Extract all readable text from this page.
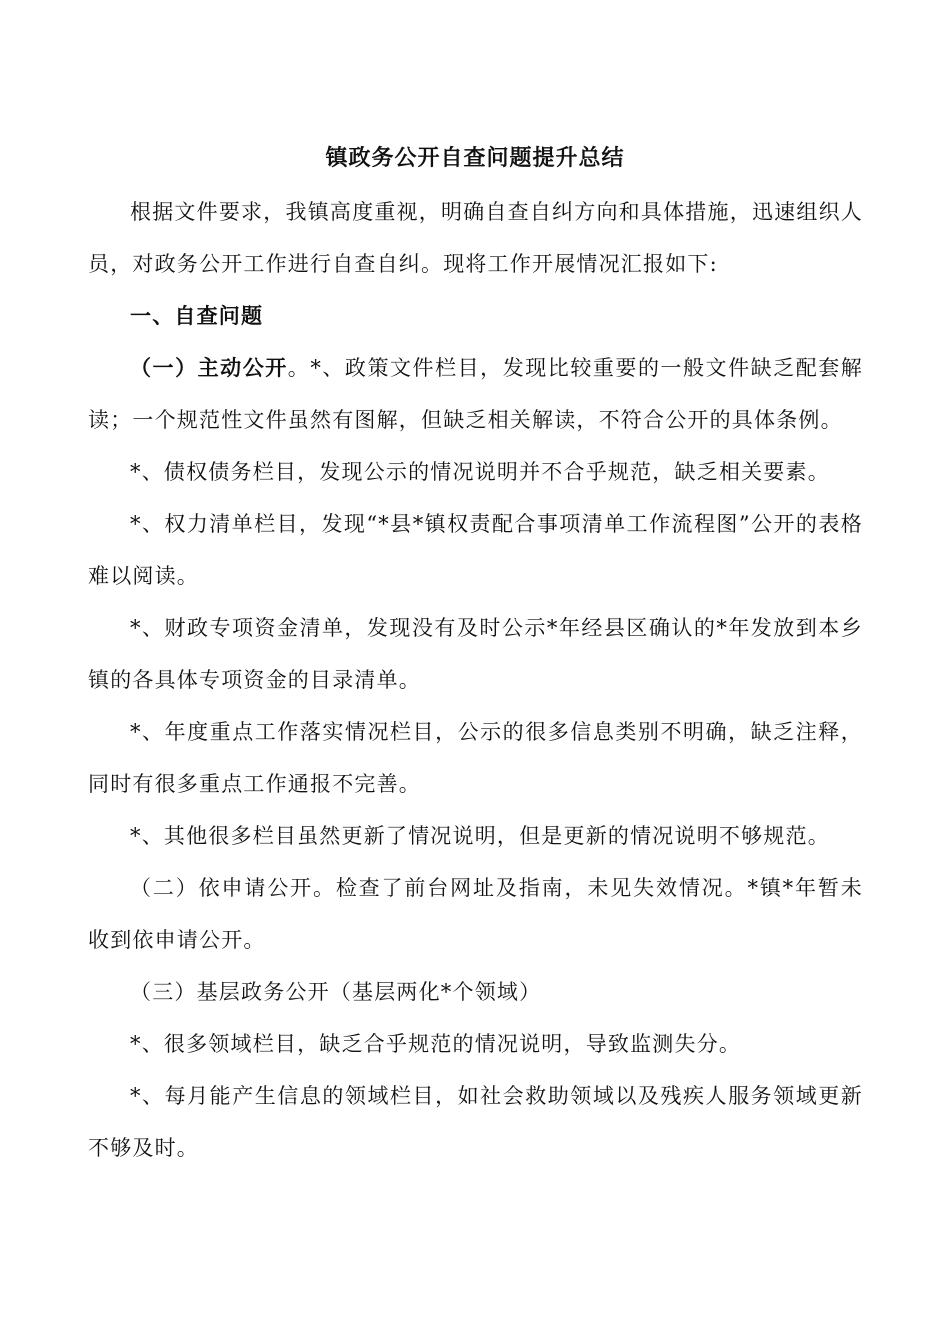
镇政务公开自查问题提升总结

根据文件要求，我镇高度重视，明确自查自纠方向和具体措施，迅速组织人员，对政务公开工作进行自查自纠。现将工作开展情况汇报如下:

一、自查问题

（一）主动公开。*、政策文件栏目，发现比较重要的一般文件缺乏配套解读；一个规范性文件虽然有图解，但缺乏相关解读，不符合公开的具体条例。

*、债权债务栏目，发现公示的情况说明并不合乎规范，缺乏相关要素。

*、权力清单栏目，发现“*县*镇权责配合事项清单工作流程图”公开的表格难以阅读。

*、财政专项资金清单，发现没有及时公示*年经县区确认的*年发放到本乡镇的各具体专项资金的目录清单。

*、年度重点工作落实情况栏目，公示的很多信息类别不明确，缺乏注释，同时有很多重点工作通报不完善。

*、其他很多栏目虽然更新了情况说明，但是更新的情况说明不够规范。

（二）依申请公开。检查了前台网址及指南，未见失效情况。*镇*年暂未收到依申请公开。

（三）基层政务公开（基层两化*个领域）

*、很多领域栏目，缺乏合乎规范的情况说明，导致监测失分。

*、每月能产生信息的领域栏目，如社会救助领域以及残疾人服务领域更新不够及时。
